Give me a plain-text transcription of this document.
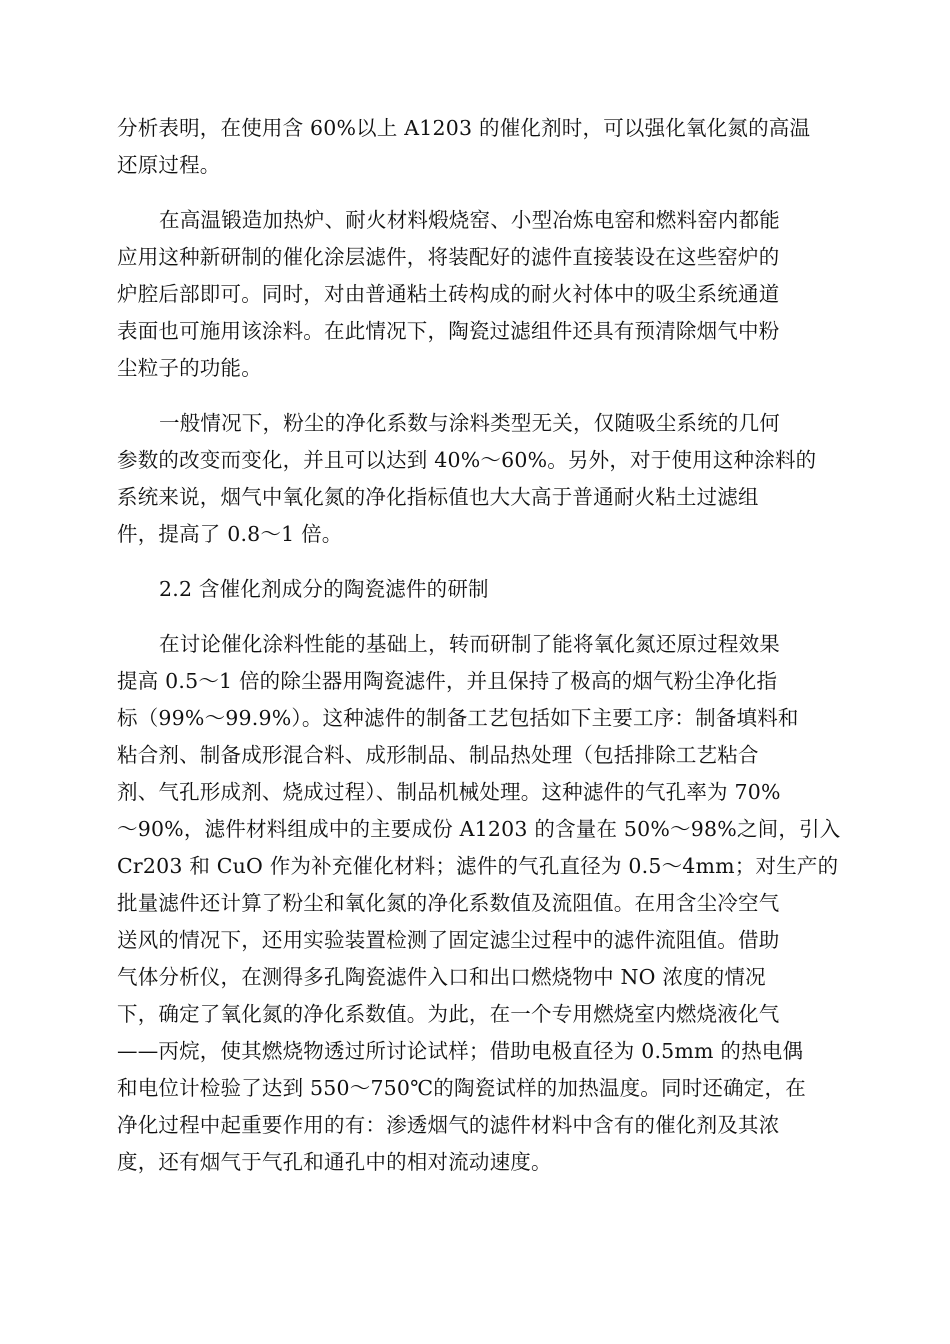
分析表明，在使用含 60%以上 A1203 的催化剂时，可以强化氧化氮的高温
还原过程。
在高温锻造加热炉、耐火材料煅烧窑、小型冶炼电窑和燃料窑内都能
应用这种新研制的催化涂层滤件，将装配好的滤件直接装设在这些窑炉的
炉腔后部即可。同时，对由普通粘土砖构成的耐火衬体中的吸尘系统通道
表面也可施用该涂料。在此情况下，陶瓷过滤组件还具有预清除烟气中粉
尘粒子的功能。
一般情况下，粉尘的净化系数与涂料类型无关，仅随吸尘系统的几何
参数的改变而变化，并且可以达到 40%～60%。另外，对于使用这种涂料的
系统来说，烟气中氧化氮的净化指标值也大大高于普通耐火粘土过滤组
件，提高了 0.8～1 倍。
2.2 含催化剂成分的陶瓷滤件的研制
在讨论催化涂料性能的基础上，转而研制了能将氧化氮还原过程效果
提高 0.5～1 倍的除尘器用陶瓷滤件，并且保持了极高的烟气粉尘净化指
标（99%～99.9%）。这种滤件的制备工艺包括如下主要工序：制备填料和
粘合剂、制备成形混合料、成形制品、制品热处理（包括排除工艺粘合
剂、气孔形成剂、烧成过程）、制品机械处理。这种滤件的气孔率为 70%
～90%，滤件材料组成中的主要成份 A1203 的含量在 50%～98%之间，引入
Cr203 和 CuO 作为补充催化材料；滤件的气孔直径为 0.5～4mm；对生产的
批量滤件还计算了粉尘和氧化氮的净化系数值及流阻值。在用含尘冷空气
送风的情况下，还用实验装置检测了固定滤尘过程中的滤件流阻值。借助
气体分析仪，在测得多孔陶瓷滤件入口和出口燃烧物中 NO 浓度的情况
下，确定了氧化氮的净化系数值。为此，在一个专用燃烧室内燃烧液化气
——丙烷，使其燃烧物透过所讨论试样；借助电极直径为 0.5mm 的热电偶
和电位计检验了达到 550～750℃的陶瓷试样的加热温度。同时还确定，在
净化过程中起重要作用的有：渗透烟气的滤件材料中含有的催化剂及其浓
度，还有烟气于气孔和通孔中的相对流动速度。
